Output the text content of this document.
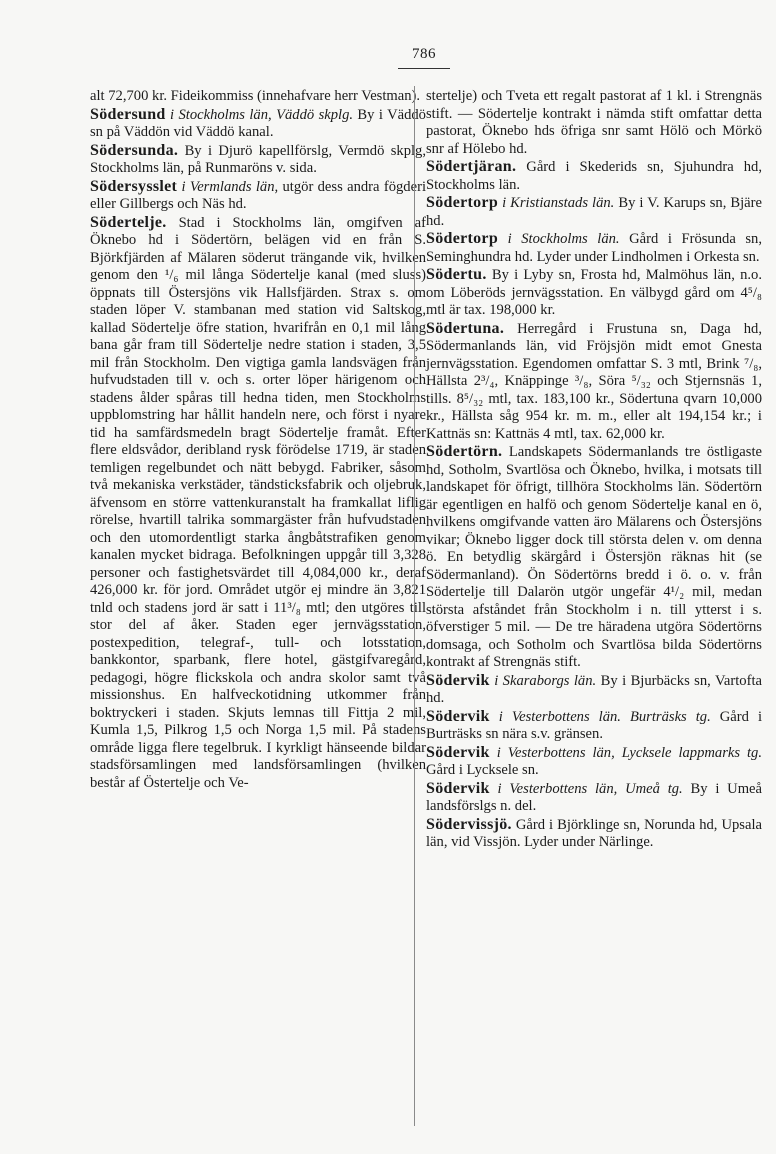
786

alt 72,700 kr. Fideikommiss (innehafvare herr Vestman).

Södersund i Stockholms län, Väddö skplg. By i Väddö sn på Väddön vid Väddö kanal.

Södersunda. By i Djurö kapellförslg, Vermdö skplg, Stockholms län, på Runmaröns v. sida.

Södersysslet i Vermlands län, utgör dess andra fögderi eller Gillbergs och Näs hd.

Södertelje. Stad i Stockholms län, omgifven af Öknebo hd i Södertörn, belägen vid en från S. Björkfjärden af Mälaren söderut trängande vik, hvilken genom den ¹/₆ mil långa Södertelje kanal (med sluss) öppnats till Östersjöns vik Hallsfjärden. Strax s. om staden löper V. stambanan med station vid Saltskog, kallad Södertelje öfre station, hvarifrån en 0,1 mil lång bana går fram till Södertelje nedre station i staden, 3,5 mil från Stockholm. Den vigtiga gamla landsvägen från hufvudstaden till v. och s. orter löper härigenom och stadens ålder spåras till hedna tiden, men Stockholms uppblomstring har hållit handeln nere, och först i nyare tid ha samfärdsmedeln bragt Södertelje framåt. Efter flere eldsvådor, deribland rysk förödelse 1719, är staden temligen regelbundet och nätt bebygd. Fabriker, såsom två mekaniska verkstäder, tändsticksfabrik och oljebruk, äfvensom en större vattenkuranstalt ha framkallat liflig rörelse, hvartill talrika sommargäster från hufvudstaden och den utomordentligt starka ångbåtstrafiken genom kanalen mycket bidraga. Befolkningen uppgår till 3,328 personer och fastighetsvärdet till 4,084,000 kr., deraf 426,000 kr. för jord. Området utgör ej mindre än 3,821 tnld och stadens jord är satt i 11³/₈ mtl; den utgöres till stor del af åker. Staden eger jernvägsstation, postexpedition, telegraf-, tull- och lotsstation, bankkontor, sparbank, flere hotel, gästgifvaregård, pedagogi, högre flickskola och andra skolor samt två missionshus. En halfveckotidning utkommer från boktryckeri i staden. Skjuts lemnas till Fittja 2 mil, Kumla 1,5, Pilkrog 1,5 och Norga 1,5 mil. På stadens område ligga flere tegelbruk. I kyrkligt hänseende bildar stadsförsamlingen med landsförsamlingen (hvilken består af Östertelje och Ve-

stertelje) och Tveta ett regalt pastorat af 1 kl. i Strengnäs stift. — Södertelje kontrakt i nämda stift omfattar detta pastorat, Öknebo hds öfriga snr samt Hölö och Mörkö snr af Hölebo hd.

Södertjäran. Gård i Skederids sn, Sjuhundra hd, Stockholms län.

Södertorp i Kristianstads län. By i V. Karups sn, Bjäre hd.

Södertorp i Stockholms län. Gård i Frösunda sn, Seminghundra hd. Lyder under Lindholmen i Orkesta sn.

Södertu. By i Lyby sn, Frosta hd, Malmöhus län, n.o. om Löberöds jernvägsstation. En välbygd gård om 4⁵/₈ mtl är tax. 198,000 kr.

Södertuna. Herregård i Frustuna sn, Daga hd, Södermanlands län, vid Fröjsjön midt emot Gnesta jernvägsstation. Egendomen omfattar S. 3 mtl, Brink ⁷/₈, Hällsta 2³/₄, Knäppinge ³/₈, Söra ⁵/₃₂ och Stjernsnäs 1, tills. 8⁵/₃₂ mtl, tax. 183,100 kr., Södertuna qvarn 10,000 kr., Hällsta såg 954 kr. m. m., eller alt 194,154 kr.; i Kattnäs sn: Kattnäs 4 mtl, tax. 62,000 kr.

Södertörn. Landskapets Södermanlands tre östligaste hd, Sotholm, Svartlösa och Öknebo, hvilka, i motsats till landskapet för öfrigt, tillhöra Stockholms län. Södertörn är egentligen en halfö och genom Södertelje kanal en ö, hvilkens omgifvande vatten äro Mälarens och Östersjöns vikar; Öknebo ligger dock till största delen v. om denna ö. En betydlig skärgård i Östersjön räknas hit (se Södermanland). Ön Södertörns bredd i ö. o. v. från Södertelje till Dalarön utgör ungefär 4¹/₂ mil, medan största afståndet från Stockholm i n. till ytterst i s. öfverstiger 5 mil. — De tre häradena utgöra Södertörns domsaga, och Sotholm och Svartlösa bilda Södertörns kontrakt af Strengnäs stift.

Södervik i Skaraborgs län. By i Bjurbäcks sn, Vartofta hd.

Södervik i Vesterbottens län. Burträsks tg. Gård i Burträsks sn nära s.v. gränsen.

Södervik i Vesterbottens län, Lycksele lappmarks tg. Gård i Lycksele sn.

Södervik i Vesterbottens län, Umeå tg. By i Umeå landsförslgs n. del.

Södervissjö. Gård i Björklinge sn, Norunda hd, Upsala län, vid Vissjön. Lyder under Närlinge.
